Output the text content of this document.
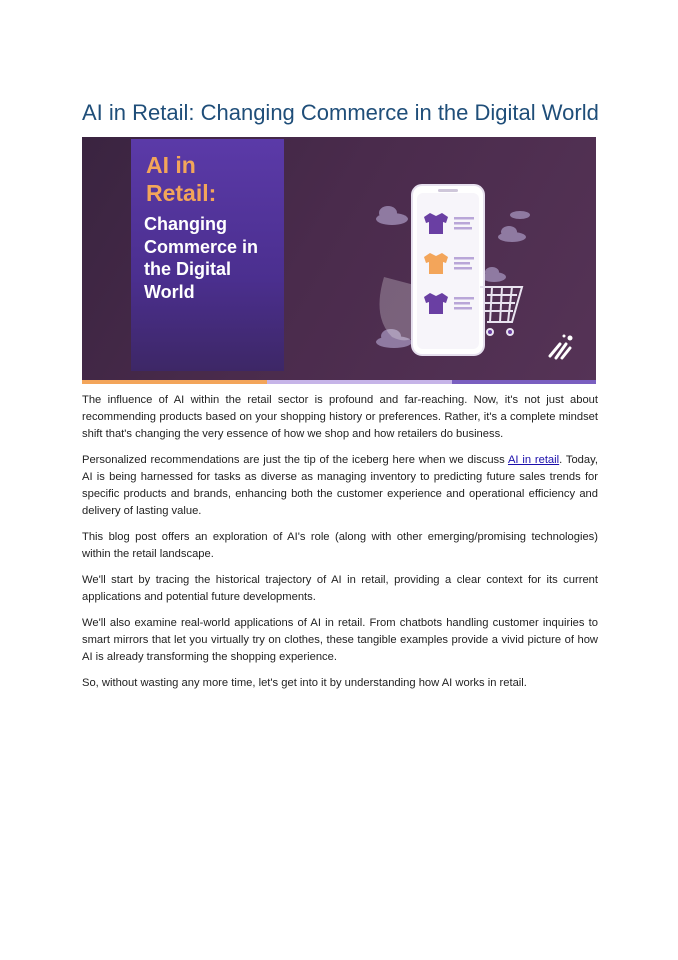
AI in Retail: Changing Commerce in the Digital World
AI in
Retail:
Changing
Commerce in
the Digital
World

The influence of AI within the retail sector is profound and far-reaching. Now, it's not just about recommending products based on your shopping history or preferences. Rather, it's a complete mindset shift that's changing the very essence of how we shop and how retailers do business.

Personalized recommendations are just the tip of the iceberg here when we discuss AI in retail. Today, AI is being harnessed for tasks as diverse as managing inventory to predicting future sales trends for specific products and brands, enhancing both the customer experience and operational efficiency and delivery of lasting value.

This blog post offers an exploration of AI's role (along with other emerging/promising technologies) within the retail landscape.

We'll start by tracing the historical trajectory of AI in retail, providing a clear context for its current applications and potential future developments.

We'll also examine real-world applications of AI in retail. From chatbots handling customer inquiries to smart mirrors that let you virtually try on clothes, these tangible examples provide a vivid picture of how AI is already transforming the shopping experience.

So, without wasting any more time, let's get into it by understanding how AI works in retail.
